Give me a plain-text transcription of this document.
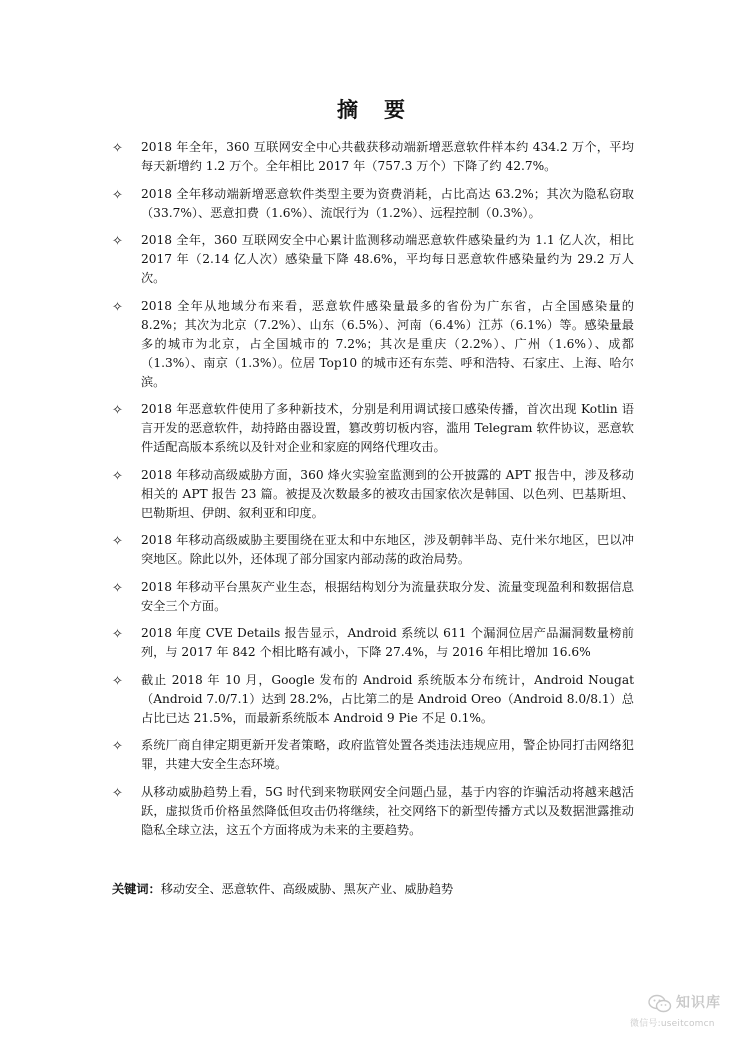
摘 要
✧ 2018 年全年，360 互联网安全中心共截获移动端新增恶意软件样本约 434.2 万个，平均每天新增约 1.2 万个。全年相比 2017 年（757.3 万个）下降了约 42.7%。
✧ 2018 全年移动端新增恶意软件类型主要为资费消耗，占比高达 63.2%；其次为隐私窃取（33.7%）、恶意扣费（1.6%）、流氓行为（1.2%）、远程控制（0.3%）。
✧ 2018 全年，360 互联网安全中心累计监测移动端恶意软件感染量约为 1.1 亿人次，相比 2017 年（2.14 亿人次）感染量下降 48.6%，平均每日恶意软件感染量约为 29.2 万人次。
✧ 2018 全年从地域分布来看，恶意软件感染量最多的省份为广东省，占全国感染量的 8.2%；其次为北京（7.2%）、山东（6.5%）、河南（6.4%）江苏（6.1%）等。感染量最多的城市为北京，占全国城市的 7.2%；其次是重庆（2.2%）、广州（1.6%）、成都（1.3%）、南京（1.3%）。位居 Top10 的城市还有东莞、呼和浩特、石家庄、上海、哈尔滨。
✧ 2018 年恶意软件使用了多种新技术，分别是利用调试接口感染传播，首次出现 Kotlin 语言开发的恶意软件，劫持路由器设置，篡改剪切板内容，滥用 Telegram 软件协议，恶意软件适配高版本系统以及针对企业和家庭的网络代理攻击。
✧ 2018 年移动高级威胁方面，360 烽火实验室监测到的公开披露的 APT 报告中，涉及移动相关的 APT 报告 23 篇。被提及次数最多的被攻击国家依次是韩国、以色列、巴基斯坦、巴勒斯坦、伊朗、叙利亚和印度。
✧ 2018 年移动高级威胁主要围绕在亚太和中东地区，涉及朝韩半岛、克什米尔地区，巴以冲突地区。除此以外，还体现了部分国家内部动荡的政治局势。
✧ 2018 年移动平台黑灰产业生态，根据结构划分为流量获取分发、流量变现盈利和数据信息安全三个方面。
✧ 2018 年度 CVE Details 报告显示，Android 系统以 611 个漏洞位居产品漏洞数量榜前列，与 2017 年 842 个相比略有减小，下降 27.4%，与 2016 年相比增加 16.6%
✧ 截止 2018 年 10 月，Google 发布的 Android 系统版本分布统计，Android Nougat（Android 7.0/7.1）达到 28.2%，占比第二的是 Android Oreo（Android 8.0/8.1）总占比已达 21.5%，而最新系统版本 Android 9 Pie 不足 0.1%。
✧ 系统厂商自律定期更新开发者策略，政府监管处置各类违法违规应用，警企协同打击网络犯罪，共建大安全生态环境。
✧ 从移动威胁趋势上看，5G 时代到来物联网安全问题凸显，基于内容的诈骗活动将越来越活跃，虚拟货币价格虽然降低但攻击仍将继续，社交网络下的新型传播方式以及数据泄露推动隐私全球立法，这五个方面将成为未来的主要趋势。
关键词：移动安全、恶意软件、高级威胁、黑灰产业、威胁趋势
知识库
微信号:useitcomcn
